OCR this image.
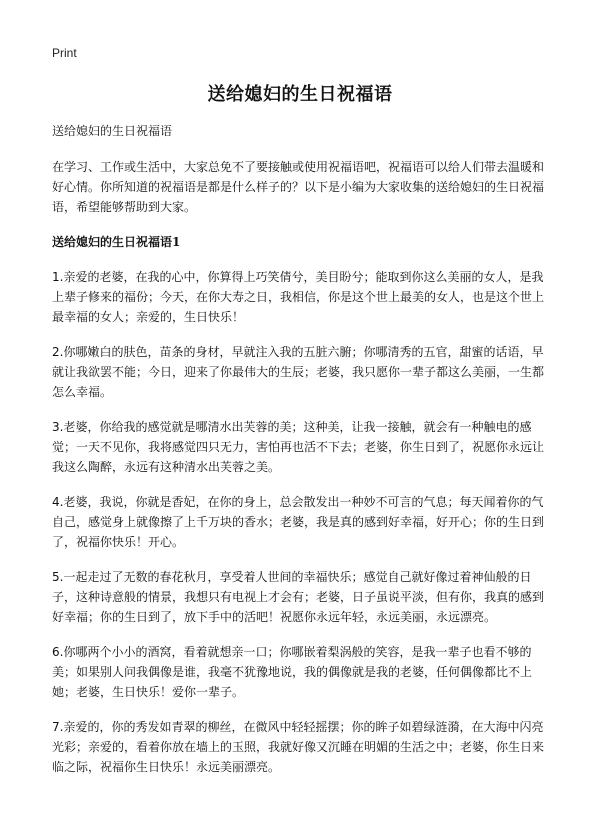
Print
送给媳妇的生日祝福语

送给媳妇的生日祝福语

在学习、工作或生活中，大家总免不了要接触或使用祝福语吧，祝福语可以给人们带去温暖和好心情。你所知道的祝福语是都是什么样子的？以下是小编为大家收集的送给媳妇的生日祝福语，希望能够帮助到大家。

送给媳妇的生日祝福语1

1.亲爱的老婆，在我的心中，你算得上巧笑倩兮，美目盼兮；能取到你这么美丽的女人，是我上辈子修来的福份；今天，在你大寿之日，我相信，你是这个世上最美的女人，也是这个世上最幸福的女人；亲爱的，生日快乐！

2.你哪嫩白的肤色，苗条的身材，早就注入我的五脏六腑；你哪清秀的五官，甜蜜的话语，早就让我欲罢不能；今日，迎来了你最伟大的生辰；老婆，我只愿你一辈子都这么美丽，一生都怎么幸福。

3.老婆，你给我的感觉就是哪清水出芙蓉的美；这种美，让我一接触，就会有一种触电的感觉；一天不见你，我将感觉四只无力，害怕再也活不下去；老婆，你生日到了，祝愿你永远让我这么陶醉，永远有这种清水出芙蓉之美。

4.老婆，我说，你就是香妃，在你的身上，总会散发出一种妙不可言的气息；每天闻着你的气自己，感觉身上就像擦了上千万块的香水；老婆，我是真的感到好幸福，好开心；你的生日到了，祝福你快乐！开心。

5.一起走过了无数的春花秋月，享受着人世间的幸福快乐；感觉自己就好像过着神仙般的日子，这种诗意般的情景，我想只有电视上才会有；老婆，日子虽说平淡，但有你，我真的感到好幸福；你的生日到了，放下手中的活吧！祝愿你永远年轻，永远美丽，永远漂亮。

6.你哪两个小小的酒窝，看着就想亲一口；你哪嵌着梨涡般的笑容，是我一辈子也看不够的美；如果别人问我偶像是谁，我毫不犹豫地说，我的偶像就是我的老婆，任何偶像都比不上她；老婆，生日快乐！爱你一辈子。

7.亲爱的，你的秀发如青翠的柳丝，在微风中轻轻摇摆；你的眸子如碧绿涟漪，在大海中闪亮光彩；亲爱的，看着你放在墙上的玉照，我就好像又沉睡在明媚的生活之中；老婆，你生日来临之际，祝福你生日快乐！永远美丽漂亮。
